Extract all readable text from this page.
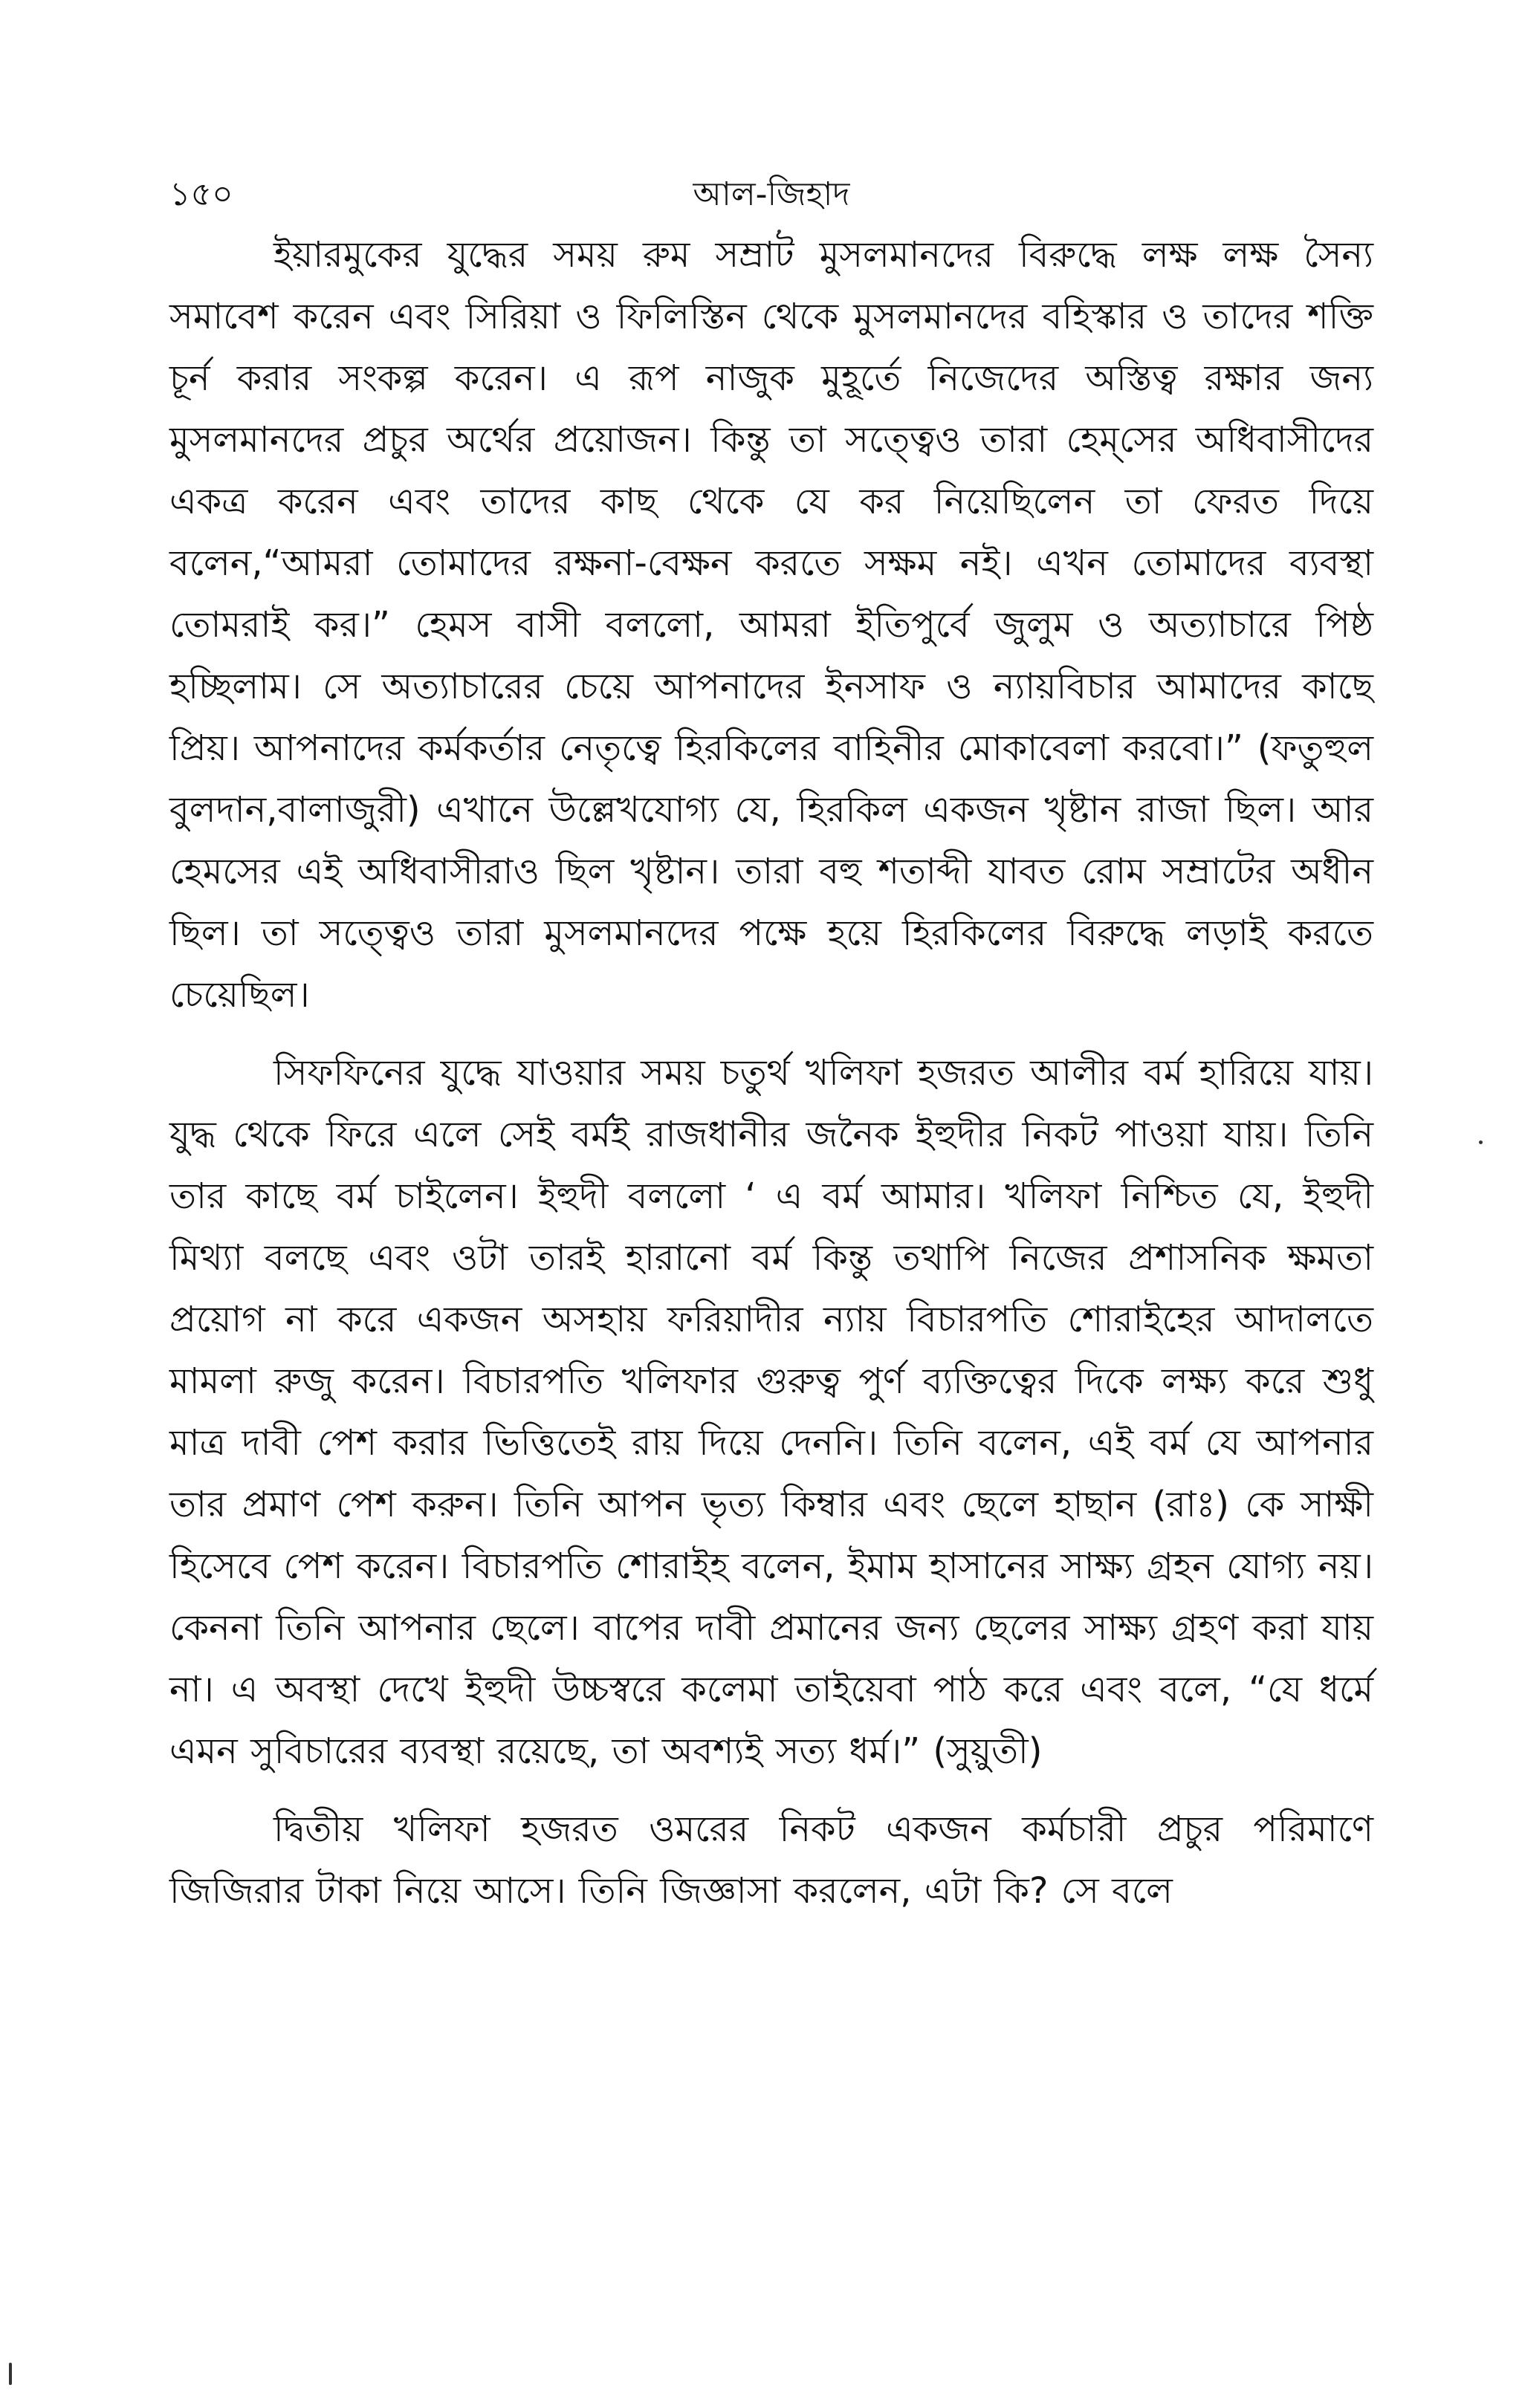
১৫০	আল-জিহাদ

ইয়ারমুকের যুদ্ধের সময় রুম সম্রাট মুসলমানদের বিরুদ্ধে লক্ষ লক্ষ সৈন্য সমাবেশ করেন এবং সিরিয়া ও ফিলিস্তিন থেকে মুসলমানদের বহিস্কার ও তাদের শক্তি চূর্ন করার সংকল্প করেন। এ রূপ নাজুক মুহূর্তে নিজেদের অস্তিত্ব রক্ষার জন্য মুসলমানদের প্রচুর অর্থের প্রয়োজন। কিন্তু তা সত্ত্বেও তারা হেম্‌সের অধিবাসীদের একত্র করেন এবং তাদের কাছ থেকে যে কর নিয়েছিলেন তা ফেরত দিয়ে বলেন,“আমরা তোমাদের রক্ষনা-বেক্ষন করতে সক্ষম নই। এখন তোমাদের ব্যবস্থা তোমরাই কর।” হেমস বাসী বললো, আমরা ইতিপুর্বে জুলুম ও অত্যাচারে পিষ্ঠ হচ্ছিলাম। সে অত্যাচারের চেয়ে আপনাদের ইনসাফ ও ন্যায়বিচার আমাদের কাছে প্রিয়। আপনাদের কর্মকর্তার নেতৃত্বে হিরকিলের বাহিনীর মোকাবেলা করবো।” (ফতুহুল বুলদান,বালাজুরী) এখানে উল্লেখযোগ্য যে, হিরকিল একজন খৃষ্টান রাজা ছিল। আর হেমসের এই অধিবাসীরাও ছিল খৃষ্টান। তারা বহু শতাব্দী যাবত রোম সম্রাটের অধীন ছিল। তা সত্ত্বেও তারা মুসলমানদের পক্ষে হয়ে হিরকিলের বিরুদ্ধে লড়াই করতে চেয়েছিল।

সিফফিনের যুদ্ধে যাওয়ার সময় চতুর্থ খলিফা হজরত আলীর বর্ম হারিয়ে যায়। যুদ্ধ থেকে ফিরে এলে সেই বর্মই রাজধানীর জনৈক ইহুদীর নিকট পাওয়া যায়। তিনি তার কাছে বর্ম চাইলেন। ইহুদী বললো ‘ এ বর্ম আমার। খলিফা নিশ্চিত যে, ইহুদী মিথ্যা বলছে এবং ওটা তারই হারানো বর্ম কিন্তু তথাপি নিজের প্রশাসনিক ক্ষমতা প্রয়োগ না করে একজন অসহায় ফরিয়াদীর ন্যায় বিচারপতি শোরাইহের আদালতে মামলা রুজু করেন। বিচারপতি খলিফার গুরুত্ব পুর্ণ ব্যক্তিত্বের দিকে লক্ষ্য করে শুধু মাত্র দাবী পেশ করার ভিত্তিতেই রায় দিয়ে দেননি। তিনি বলেন, এই বর্ম যে আপনার তার প্রমাণ পেশ করুন। তিনি আপন ভৃত্য কিম্বার এবং ছেলে হাছান (রাঃ) কে সাক্ষী হিসেবে পেশ করেন। বিচারপতি শোরাইহ বলেন, ইমাম হাসানের সাক্ষ্য গ্রহন যোগ্য নয়। কেননা তিনি আপনার ছেলে। বাপের দাবী প্রমানের জন্য ছেলের সাক্ষ্য গ্রহণ করা যায় না। এ অবস্থা দেখে ইহুদী উচ্চস্বরে কলেমা তাইয়েবা পাঠ করে এবং বলে, “যে ধর্মে এমন সুবিচারের ব্যবস্থা রয়েছে, তা অবশ্যই সত্য ধর্ম।” (সুয়ুতী)

দ্বিতীয় খলিফা হজরত ওমরের নিকট একজন কর্মচারী প্রচুর পরিমাণে জিজিরার টাকা নিয়ে আসে। তিনি জিজ্ঞাসা করলেন, এটা কি? সে বলে
